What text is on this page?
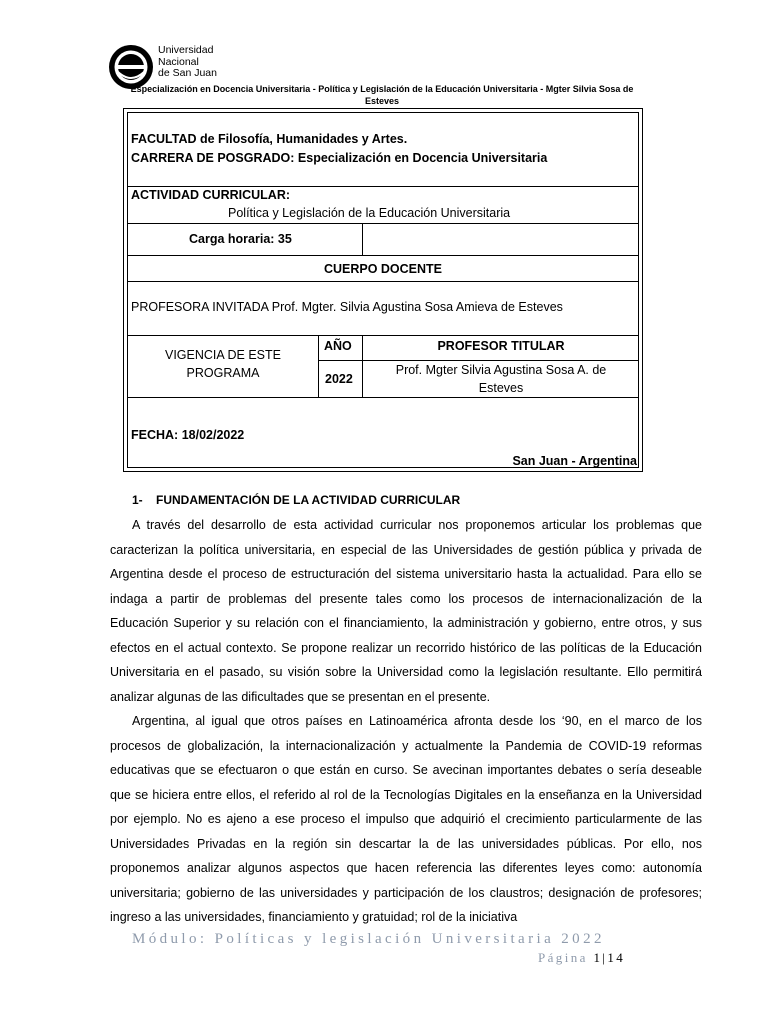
Universidad
Nacional
de San Juan
Especialización en Docencia Universitaria - Política y Legislación de la Educación Universitaria - Mgter Silvia Sosa de Esteves
FACULTAD de Filosofía, Humanidades y Artes.
CARRERA DE POSGRADO: Especialización en Docencia Universitaria
ACTIVIDAD CURRICULAR:
Política y Legislación de la Educación Universitaria
Carga horaria: 35
CUERPO DOCENTE
PROFESORA INVITADA Prof. Mgter. Silvia Agustina Sosa Amieva de Esteves
VIGENCIA DE ESTE
PROGRAMA
AÑO
2022
PROFESOR TITULAR
Prof. Mgter Silvia Agustina Sosa A. de
Esteves
FECHA: 18/02/2022
San Juan - Argentina
1-    FUNDAMENTACIÓN DE LA ACTIVIDAD CURRICULAR

A través del desarrollo de esta actividad curricular nos proponemos articular los problemas que caracterizan la política universitaria, en especial de las Universidades de gestión pública y privada de Argentina desde el proceso de estructuración del sistema universitario hasta la actualidad. Para ello se indaga a partir de problemas del presente tales como los procesos de internacionalización de la Educación Superior y su relación con el financiamiento, la administración y gobierno, entre otros, y sus efectos en el actual contexto. Se propone realizar un recorrido histórico de las políticas de la Educación Universitaria en el pasado, su visión sobre la Universidad como la legislación resultante. Ello permitirá analizar algunas de las dificultades que se presentan en el presente.

Argentina, al igual que otros países en Latinoamérica afronta desde los ‘90, en el marco de los procesos de globalización, la internacionalización y actualmente la Pandemia de COVID-19 reformas educativas que se efectuaron o que están en curso. Se avecinan importantes debates o sería deseable que se hiciera entre ellos, el referido al rol de la Tecnologías Digitales en la enseñanza en la Universidad por ejemplo. No es ajeno a ese proceso el impulso que adquirió el crecimiento particularmente de las Universidades Privadas en la región sin descartar la de las universidades públicas. Por ello, nos proponemos analizar algunos aspectos que hacen referencia las diferentes leyes como: autonomía universitaria; gobierno de las universidades y participación de los claustros; designación de profesores; ingreso a las universidades, financiamiento y gratuidad; rol de la iniciativa

Módulo: Políticas y legislación Universitaria 2022
Página 1|14
